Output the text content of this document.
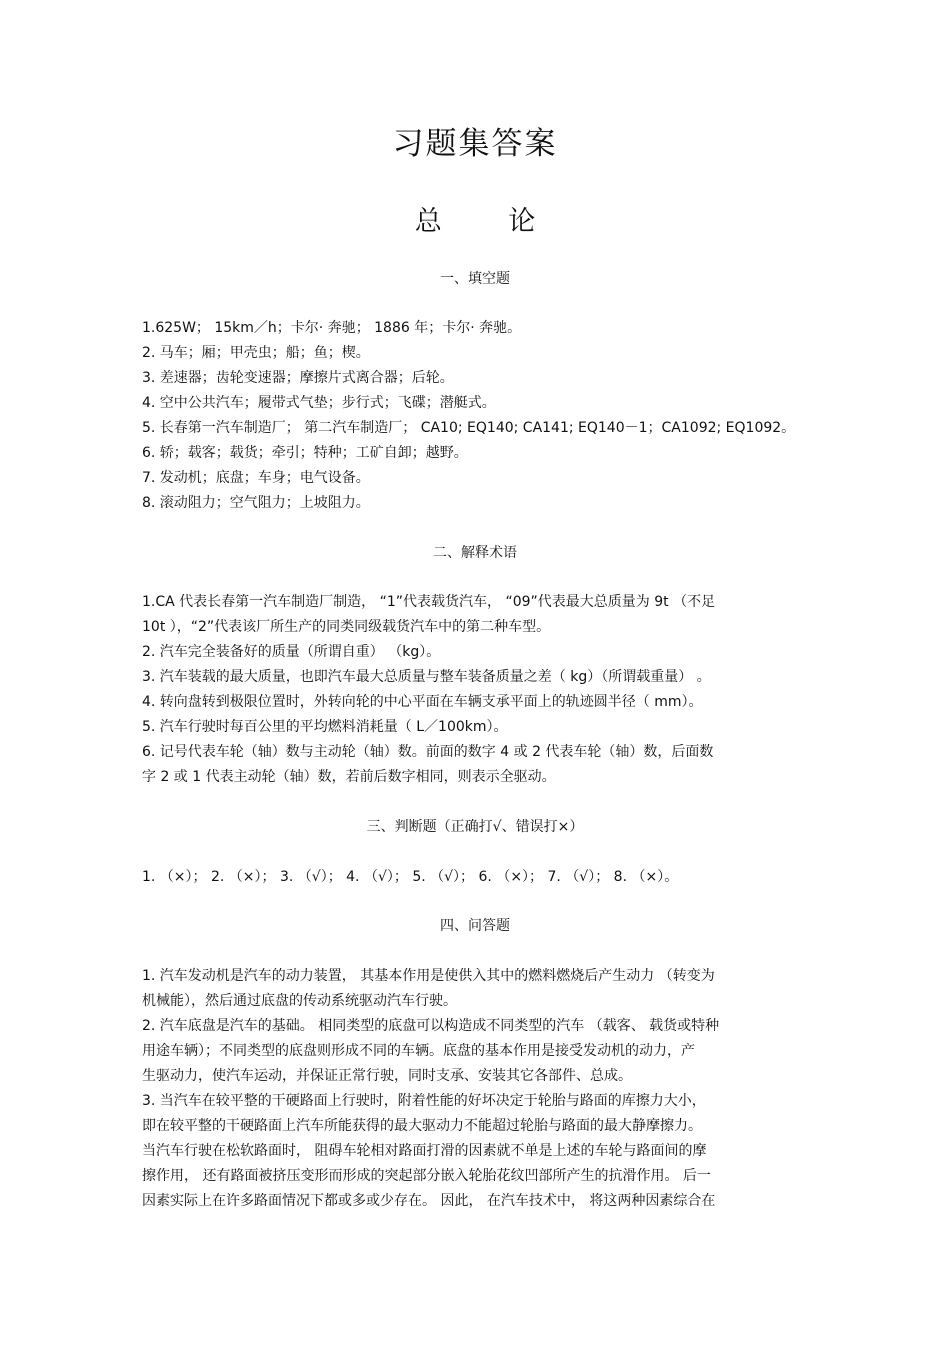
习题集答案
总 论
一、填空题
1.625W； 15km／h；卡尔· 奔驰； 1886 年；卡尔· 奔驰。
2. 马车；厢；甲壳虫；船；鱼；楔。
3. 差速器；齿轮变速器；摩擦片式离合器；后轮。
4. 空中公共汽车；履带式气垫；步行式；飞碟；潜艇式。
5. 长春第一汽车制造厂； 第二汽车制造厂； CA10; EQ140; CA141; EQ140－1；CA1092; EQ1092。
6. 轿；载客；载货；牵引；特种；工矿自卸；越野。
7. 发动机；底盘；车身；电气设备。
8. 滚动阻力；空气阻力；上坡阻力。
二、解释术语
1.CA 代表长春第一汽车制造厂制造， “1”代表载货汽车， “09”代表最大总质量为 9t （不足
10t ），“2”代表该厂所生产的同类同级载货汽车中的第二种车型。
2. 汽车完全装备好的质量（所谓自重） （kg）。
3. 汽车装载的最大质量，也即汽车最大总质量与整车装备质量之差（ kg）（所谓载重量） 。
4. 转向盘转到极限位置时，外转向轮的中心平面在车辆支承平面上的轨迹圆半径（ mm）。
5. 汽车行驶时每百公里的平均燃料消耗量（ L／100km）。
6. 记号代表车轮（轴）数与主动轮（轴）数。前面的数字 4 或 2 代表车轮（轴）数，后面数
字 2 或 1 代表主动轮（轴）数，若前后数字相同，则表示全驱动。
三、判断题（正确打√、错误打×）
1. （×）； 2. （×）； 3. （√）； 4. （√）； 5. （√）； 6. （×）； 7. （√）； 8. （×）。
四、问答题
1. 汽车发动机是汽车的动力装置， 其基本作用是使供入其中的燃料燃烧后产生动力 （转变为
机械能），然后通过底盘的传动系统驱动汽车行驶。
2. 汽车底盘是汽车的基础。 相同类型的底盘可以构造成不同类型的汽车 （载客、 载货或特种
用途车辆）；不同类型的底盘则形成不同的车辆。底盘的基本作用是接受发动机的动力，产
生驱动力，使汽车运动，并保证正常行驶，同时支承、安装其它各部件、总成。
3. 当汽车在较平整的干硬路面上行驶时，附着性能的好坏决定于轮胎与路面的库擦力大小，
即在较平整的干硬路面上汽车所能获得的最大驱动力不能超过轮胎与路面的最大静摩擦力。
当汽车行驶在松软路面时， 阻碍车轮相对路面打滑的因素就不单是上述的车轮与路面间的摩
擦作用， 还有路面被挤压变形而形成的突起部分嵌入轮胎花纹凹部所产生的抗滑作用。 后一
因素实际上在许多路面情况下都或多或少存在。 因此， 在汽车技术中， 将这两种因素综合在
